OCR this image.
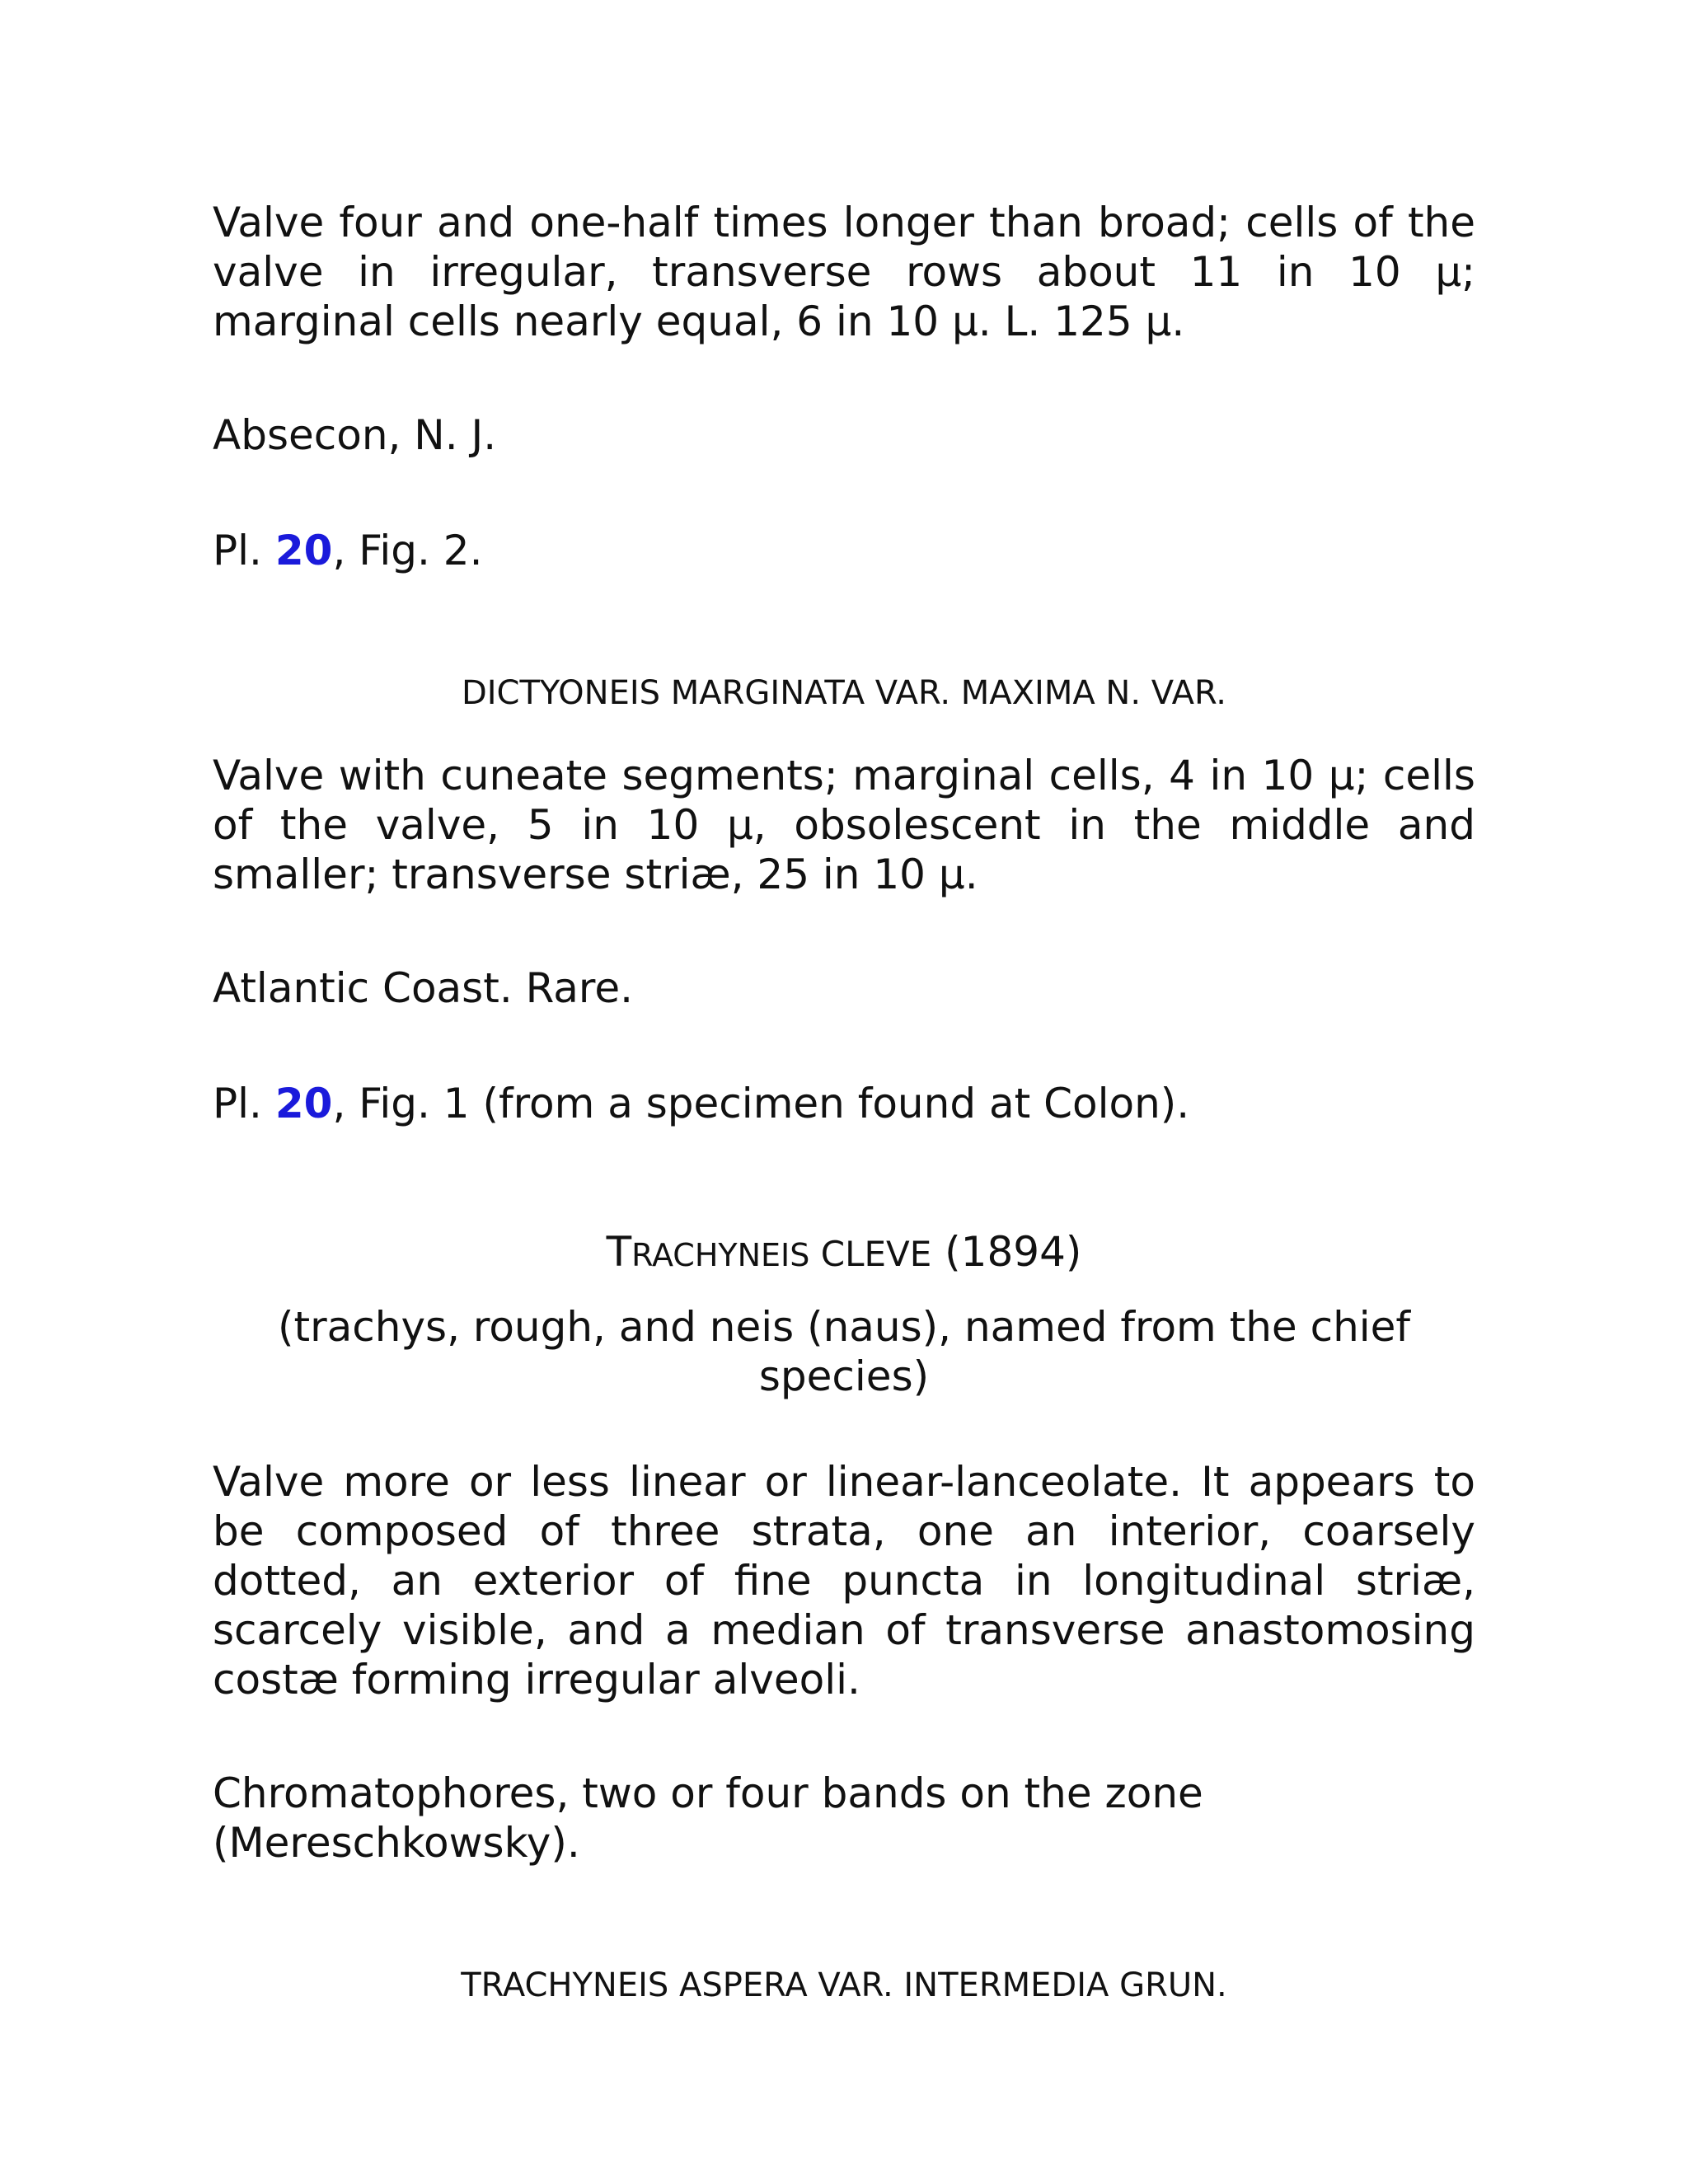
Valve four and one-half times longer than broad; cells of the valve in irregular, transverse rows about 11 in 10 μ; marginal cells nearly equal, 6 in 10 μ. L. 125 μ.

Absecon, N. J.

Pl. 20, Fig. 2.

DICTYONEIS MARGINATA VAR. MAXIMA N. VAR.

Valve with cuneate segments; marginal cells, 4 in 10 μ; cells of the valve, 5 in 10 μ, obsolescent in the middle and smaller; transverse striæ, 25 in 10 μ.

Atlantic Coast. Rare.

Pl. 20, Fig. 1 (from a specimen found at Colon).

TRACHYNEIS CLEVE (1894)

(trachys, rough, and neis (naus), named from the chief species)

Valve more or less linear or linear-lanceolate. It appears to be composed of three strata, one an interior, coarsely dotted, an exterior of fine puncta in longitudinal striæ, scarcely visible, and a median of transverse anastomosing costæ forming irregular alveoli.

Chromatophores, two or four bands on the zone (Mereschkowsky).

TRACHYNEIS ASPERA VAR. INTERMEDIA GRUN.
